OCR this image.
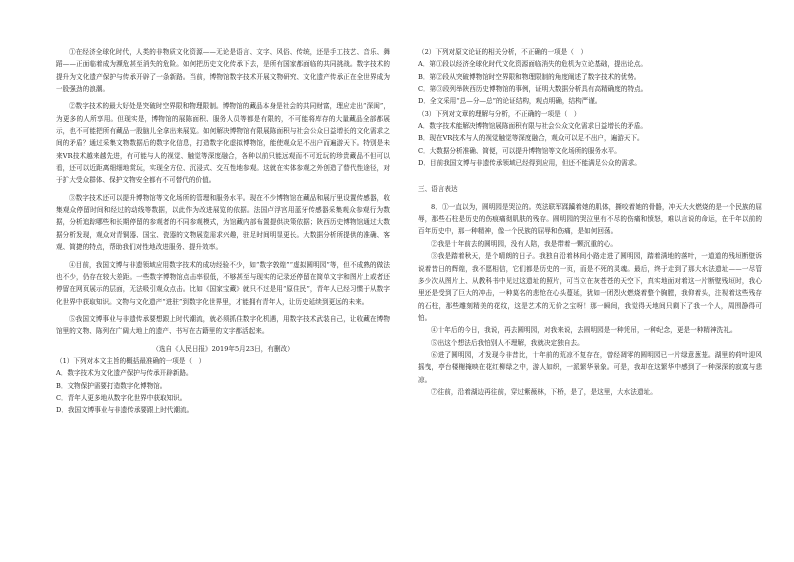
①在经济全球化时代，人类的非物质文化资源——无论是语言、文字、风俗、传统，还是手工技艺、音乐、舞蹈——正面临着成为濒危甚至消失的危险。如何把历史文化传承下去，是所有国家都面临的共同挑战。数字技术的提升为文化遗产保护与传承开辟了一条新路。当前，博物馆数字技术开展文物研究、文化遗产传承正在全世界成为一股强劲的浪潮。

②数字技术的最大好处是突破时空界限和物理限制。博物馆的藏品本身是社会的共同财富，理应走出“深闺”，为更多的人所享用。但现实是，博物馆的展陈面积、服务人员等都是有限的，不可能将库存的大量藏品全部都展示，也不可能把所有藏品一股脑儿全拿出来展览。如何解决博物馆有限展陈面积与社会公众日益增长的文化需求之间的矛盾？通过采集文物数据后的数字化信息，打造数字化虚拟博物馆，能使观众足不出户而遍游天下。特别是未来VR技术越来越先进，有可能与人的视觉、触觉等深度融合，各种以前只能远观而不可近玩的珍贵藏品不但可以看，还可以近距离细细地赏玩，实现全方位、沉浸式、交互性地参观。这就在实体参观之外创造了替代性途径，对于扩大受众群体、保护文物安全都有不可替代的价值。

③数字技术还可以提升博物馆等文化场所的管理和服务水平。现在不少博物馆在藏品和展厅里设置传感器，收集观众停留时间和经过的动线等数据，以此作为改进展览的依据。法国卢浮宫用蓝牙传感器采集观众参观行为数据，分析追踪哪些和长期停留的参观者的不同参观模式，为馆藏内部布置提供决策依据；陕西历史博物馆通过大数据分析发现，观众对青铜器、国宝、瓷器的文物展览需求兴趣，驻足时间明显更长。大数据分析所提供的准确、客观、简捷的特点，帮助我们对性地改进服务、提升效率。

④目前，我国文博与非遗领域应用数字技术的成功经验不少，如“数字敦煌”“虚拟圆明园”等，但不成熟的做法也不少，仍存在较大差距。一些数字博物馆点击率很低，不够甚至与现实的记录还停留在简单文字和图片上或者还停留在网页展示的层面，无法吸引观众点击。比如《国家宝藏》就只不过是用“原住民”，青年人已经习惯于从数字化世界中获取知识。文物与文化遗产“进驻”到数字化世界里，才能拥有青年人，让历史延续到更远的未来。

⑤我国文博事业与非遗传承要想跟上时代潮流，就必须抓住数字化机遇，用数字技术武装自己，让收藏在博物馆里的文物、陈列在广阔大地上的遗产、书写在古籍里的文字都活起来。

（选自《人民日报》2019年5月23日，有删改）

（1）下列对本文主旨的概括最准确的一项是（　）

A．数字技术为文化遗产保护与传承开辟新路。

B．文物保护需要打造数字化博物馆。

C．青年人更多地从数字化世界中获取知识。

D．我国文博事业与非遗传承要跟上时代潮流。

（2）下列对原文论证的相关分析，不正确的一项是（　）

A．第①段以经济全球化时代文化资源面临消失的危机为立论基础，提出论点。

B．第②段从突破博物馆时空界限和物理限制的角度阐述了数字技术的优势。

C．第③段列举陕西历史博物馆的事例，证明大数据分析具有高精确度的特点。

D．全文采用“总—分—总”的论证结构，观点明确，结构严谨。

（3）下列对文章的理解与分析，不正确的一项是（　）

A．数字技术能解决博物馆展陈面积有限与社会公众文化需求日益增长的矛盾。

B．现在VR技术与人的视觉触觉等深度融合，观众可以足不出户，遍游天下。

C．大数据分析准确、简便，可以提升博物馆等文化场所的服务水平。

D．目前我国文博与非遗传承领域已经得到应用，但还不能满足公众的需求。

三、语言表达

8．①一直以为，圆明园是哭泣的。英法联军蹂躏着她的肌体，撕咬着她的骨骼，冲天大火燃烧的是一个民族的屈辱，那些石柱是历史的伤痕痛彻肌肤的残存。圆明园的哭泣里有不尽的伤痛和愤怒，难以言说的命运，在千年以前的百年历史中，那一种精神，像一个民族的屈辱和伤痛，是如何回荡。

②我是十年前去的圆明园，没有人陪，我是带着一颗沉重的心。

③我是踏着秋天，是个晴朗的日子。我独自沿着林间小路走进了圆明园，踏着满地的落叶，一道道的残垣断壁诉说着昔日的辉煌，我不愿相信，它们都是历史的一页，而是不死的灵魂。最后，终于走到了那大水法遗址——一尽管多少次从图片上、从教科书中见过这遗址的照片，可当立在灰苍苍的天空下，真实地面对着这一片断壁残垣时，我心里还是受到了巨大的冲击，一种莫名的悲怆在心头蔓延，犹如一团烈火燃烧着整个胸膛，我仰着头，注视着这些残存的石柱，那些雕刻精美的花纹，这是艺术的无价之宝呀！那一瞬间，我觉得天地间只剩下了我一个人，周围静得可怕。

④十年后的今日，我说，再去圆明园，对我来说，去圆明园是一种凭吊，一种纪念，更是一种精神洗礼。

⑤出这个想法后我怕别人不理解，我就决定独自去。

⑥进了圆明园，才发现今非昔比，十年前的荒凉不复存在，曾经凋零的圆明园已一片绿意葱茏。湖里的荷叶迎风摇曳，亭台楼榭掩映在花红柳绿之中，游人如织，一派繁华景象。可是，我却在这繁华中感到了一种深深的寂寞与悲凉。

⑦往前，沿着湖边再往前，穿过紫薇林，下桥，是了，是这里，大水法遗址。
